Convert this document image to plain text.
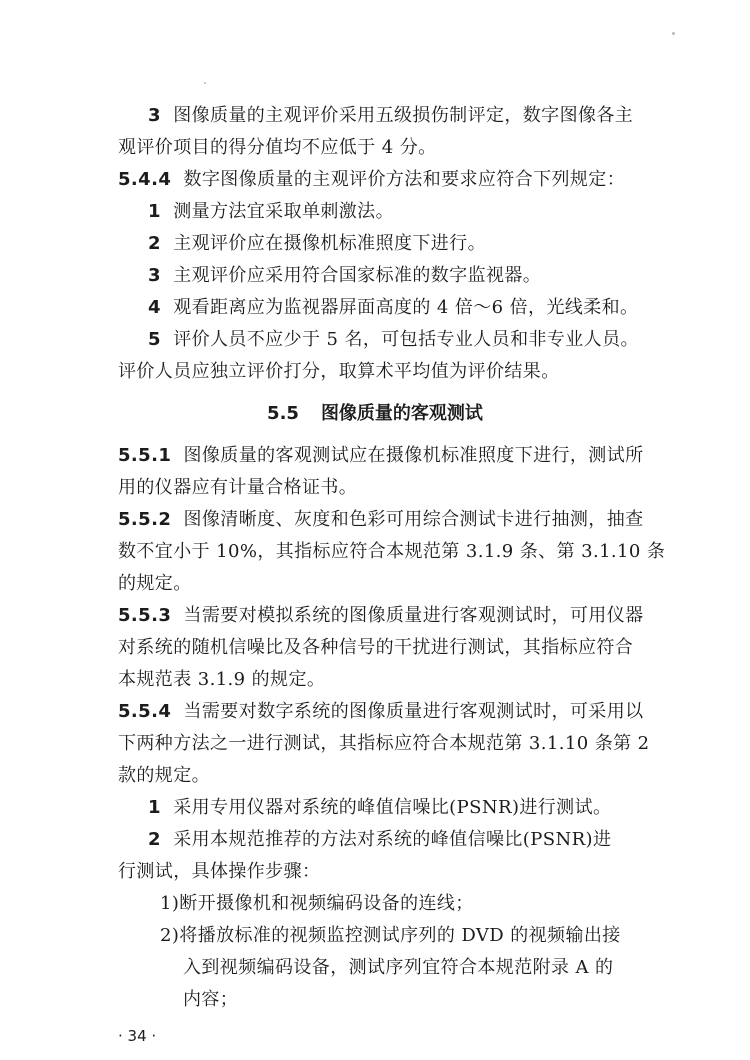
3 图像质量的主观评价采用五级损伤制评定，数字图像各主
观评价项目的得分值均不应低于 4 分。
5.4.4 数字图像质量的主观评价方法和要求应符合下列规定：
1 测量方法宜采取单刺激法。
2 主观评价应在摄像机标准照度下进行。
3 主观评价应采用符合国家标准的数字监视器。
4 观看距离应为监视器屏面高度的 4 倍～6 倍，光线柔和。
5 评价人员不应少于 5 名，可包括专业人员和非专业人员。
评价人员应独立评价打分，取算术平均值为评价结果。
5.5 图像质量的客观测试
5.5.1 图像质量的客观测试应在摄像机标准照度下进行，测试所
用的仪器应有计量合格证书。
5.5.2 图像清晰度、灰度和色彩可用综合测试卡进行抽测，抽查
数不宜小于 10%，其指标应符合本规范第 3.1.9 条、第 3.1.10 条
的规定。
5.5.3 当需要对模拟系统的图像质量进行客观测试时，可用仪器
对系统的随机信噪比及各种信号的干扰进行测试，其指标应符合
本规范表 3.1.9 的规定。
5.5.4 当需要对数字系统的图像质量进行客观测试时，可采用以
下两种方法之一进行测试，其指标应符合本规范第 3.1.10 条第 2
款的规定。
1 采用专用仪器对系统的峰值信噪比(PSNR)进行测试。
2 采用本规范推荐的方法对系统的峰值信噪比(PSNR)进
行测试，具体操作步骤：
1)断开摄像机和视频编码设备的连线；
2)将播放标准的视频监控测试序列的 DVD 的视频输出接
入到视频编码设备，测试序列宜符合本规范附录 A 的
内容；
· 34 ·
